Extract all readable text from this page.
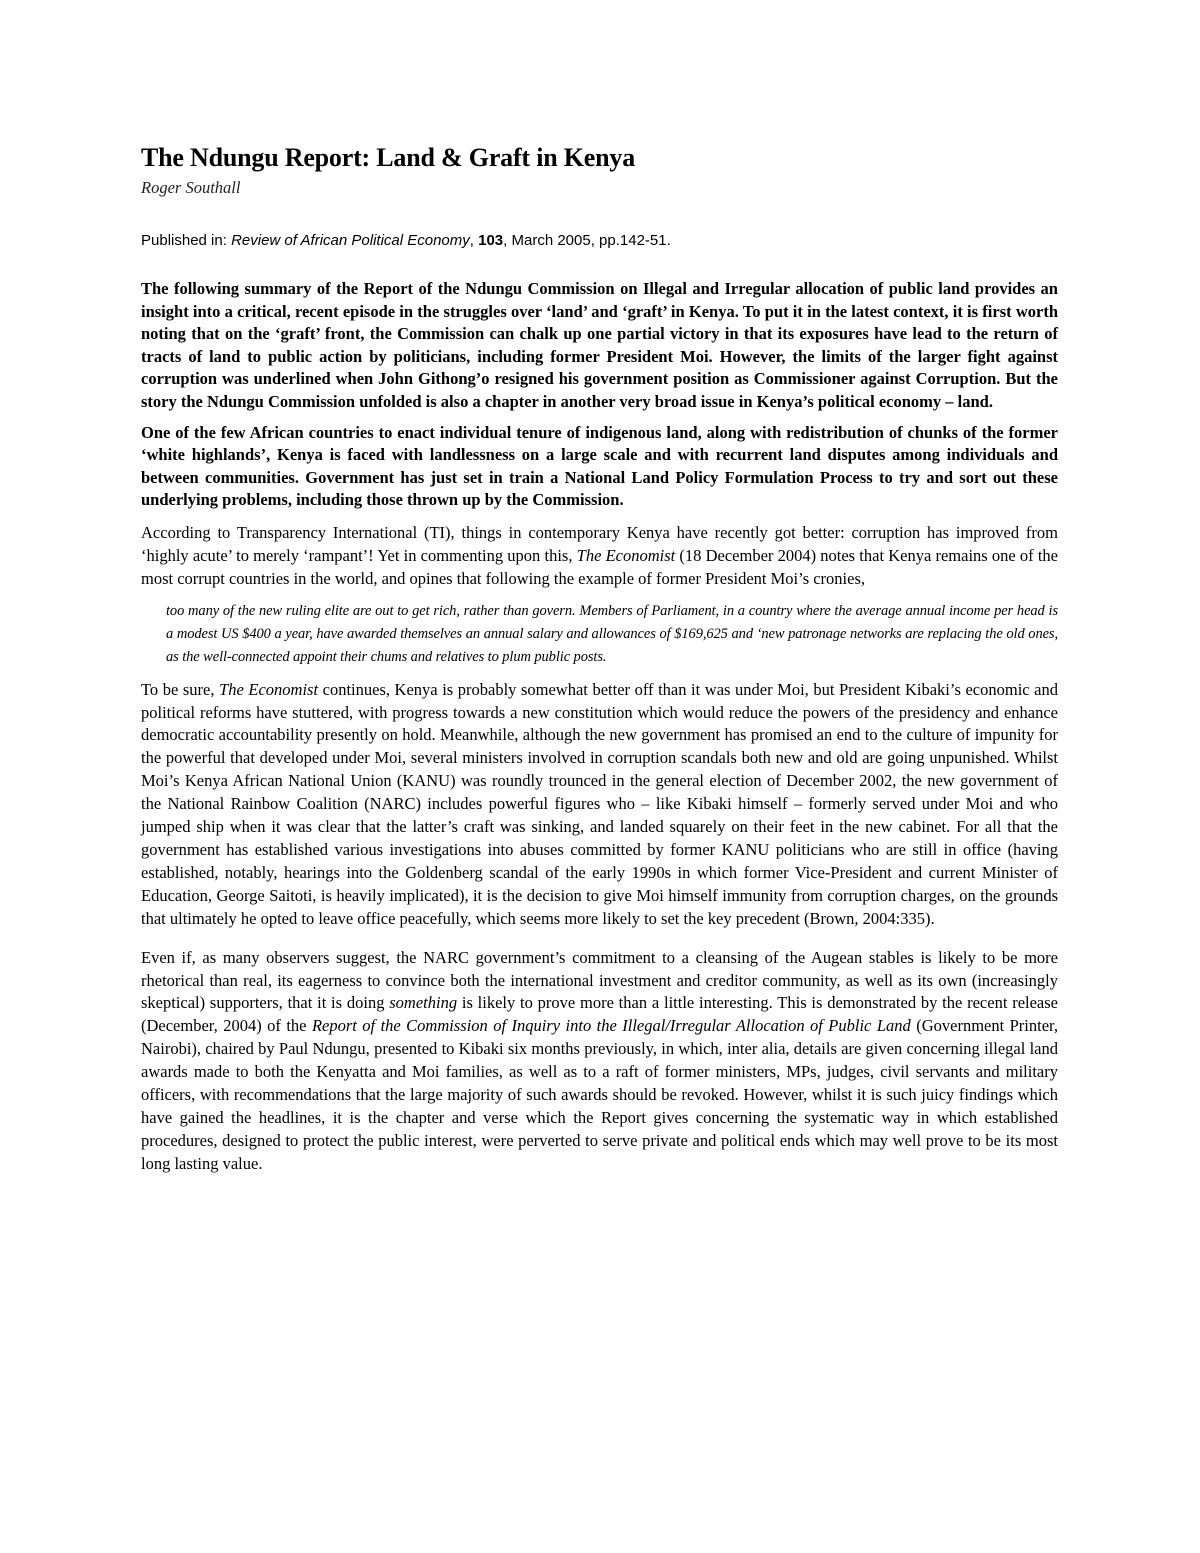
The Ndungu Report: Land & Graft in Kenya

Roger Southall

Published in: Review of African Political Economy, 103, March 2005, pp.142-51.

The following summary of the Report of the Ndungu Commission on Illegal and Irregular allocation of public land provides an insight into a critical, recent episode in the struggles over ‘land’ and ‘graft’ in Kenya. To put it in the latest context, it is first worth noting that on the ‘graft’ front, the Commission can chalk up one partial victory in that its exposures have lead to the return of tracts of land to public action by politicians, including former President Moi. However, the limits of the larger fight against corruption was underlined when John Githong’o resigned his government position as Commissioner against Corruption. But the story the Ndungu Commission unfolded is also a chapter in another very broad issue in Kenya’s political economy – land.

One of the few African countries to enact individual tenure of indigenous land, along with redistribution of chunks of the former ‘white highlands’, Kenya is faced with landlessness on a large scale and with recurrent land disputes among individuals and between communities. Government has just set in train a National Land Policy Formulation Process to try and sort out these underlying problems, including those thrown up by the Commission.

According to Transparency International (TI), things in contemporary Kenya have recently got better: corruption has improved from ‘highly acute’ to merely ‘rampant’! Yet in commenting upon this, The Economist (18 December 2004) notes that Kenya remains one of the most corrupt countries in the world, and opines that following the example of former President Moi’s cronies,

too many of the new ruling elite are out to get rich, rather than govern. Members of Parliament, in a country where the average annual income per head is a modest US $400 a year, have awarded themselves an annual salary and allowances of $169,625 and ‘new patronage networks are replacing the old ones, as the well-connected appoint their chums and relatives to plum public posts.

To be sure, The Economist continues, Kenya is probably somewhat better off than it was under Moi, but President Kibaki’s economic and political reforms have stuttered, with progress towards a new constitution which would reduce the powers of the presidency and enhance democratic accountability presently on hold. Meanwhile, although the new government has promised an end to the culture of impunity for the powerful that developed under Moi, several ministers involved in corruption scandals both new and old are going unpunished. Whilst Moi’s Kenya African National Union (KANU) was roundly trounced in the general election of December 2002, the new government of the National Rainbow Coalition (NARC) includes powerful figures who – like Kibaki himself – formerly served under Moi and who jumped ship when it was clear that the latter’s craft was sinking, and landed squarely on their feet in the new cabinet. For all that the government has established various investigations into abuses committed by former KANU politicians who are still in office (having established, notably, hearings into the Goldenberg scandal of the early 1990s in which former Vice-President and current Minister of Education, George Saitoti, is heavily implicated), it is the decision to give Moi himself immunity from corruption charges, on the grounds that ultimately he opted to leave office peacefully, which seems more likely to set the key precedent (Brown, 2004:335).

Even if, as many observers suggest, the NARC government’s commitment to a cleansing of the Augean stables is likely to be more rhetorical than real, its eagerness to convince both the international investment and creditor community, as well as its own (increasingly skeptical) supporters, that it is doing something is likely to prove more than a little interesting. This is demonstrated by the recent release (December, 2004) of the Report of the Commission of Inquiry into the Illegal/Irregular Allocation of Public Land (Government Printer, Nairobi), chaired by Paul Ndungu, presented to Kibaki six months previously, in which, inter alia, details are given concerning illegal land awards made to both the Kenyatta and Moi families, as well as to a raft of former ministers, MPs, judges, civil servants and military officers, with recommendations that the large majority of such awards should be revoked. However, whilst it is such juicy findings which have gained the headlines, it is the chapter and verse which the Report gives concerning the systematic way in which established procedures, designed to protect the public interest, were perverted to serve private and political ends which may well prove to be its most long lasting value.
